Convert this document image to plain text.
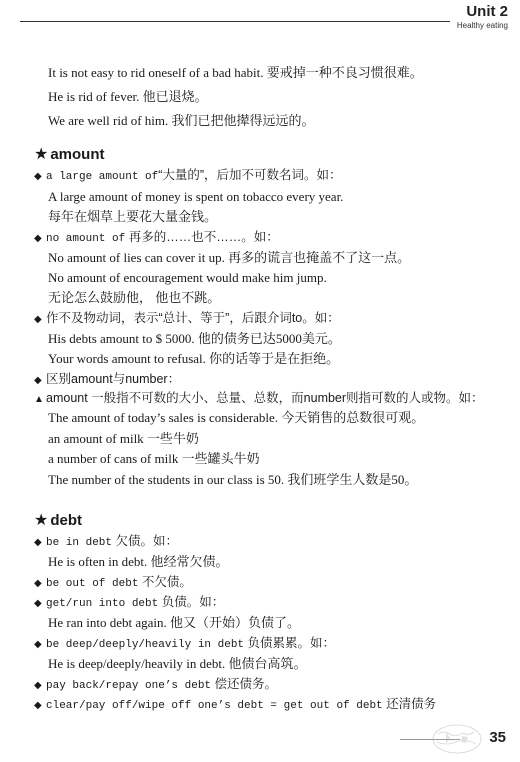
Unit 2
Healthy eating
It is not easy to rid oneself of a bad habit. 要戒掉一种不良习惯很难。
He is rid of fever. 他已退烧。
We are well rid of him. 我们已把他撵得远远的。
★ amount
◆ a large amount of“大量的”，后加不可数名词。如：
A large amount of money is spent on tobacco every year.
每年在烟草上要花大量金钱。
◆ no amount of 再多的……也不……。如：
No amount of lies can cover it up. 再多的谎言也掩盖不了这一点。
No amount of encouragement would make him jump.
无论怎么鼓励他， 他也不跳。
◆ 作不及物动词，表示“总计、等于”，后跟介词to。如：
His debts amount to $ 5000. 他的债务已达5000美元。
Your words amount to refusal. 你的话等于是在拒绝。
◆ 区别amount与number：
▲ amount 一般指不可数的大小、总量、总数，而number则指可数的人或物。如：
The amount of today’s sales is considerable. 今天销售的总数很可观。
an amount of milk 一些牛奶
a number of cans of milk 一些罐头牛奶
The number of the students in our class is 50. 我们班学生人数是50。
★ debt
◆ be in debt 欠债。如：
He is often in debt. 他经常欠债。
◆ be out of debt 不欠债。
◆ get/run into debt 负债。如：
He ran into debt again. 他又（开始）负债了。
◆ be deep/deeply/heavily in debt 负债累累。如：
He is deep/deeply/heavily in debt. 他债台高筑。
◆ pay back/repay one’s debt 偿还债务。
◆ clear/pay off/wipe off one’s debt = get out of debt 还清债务
35
